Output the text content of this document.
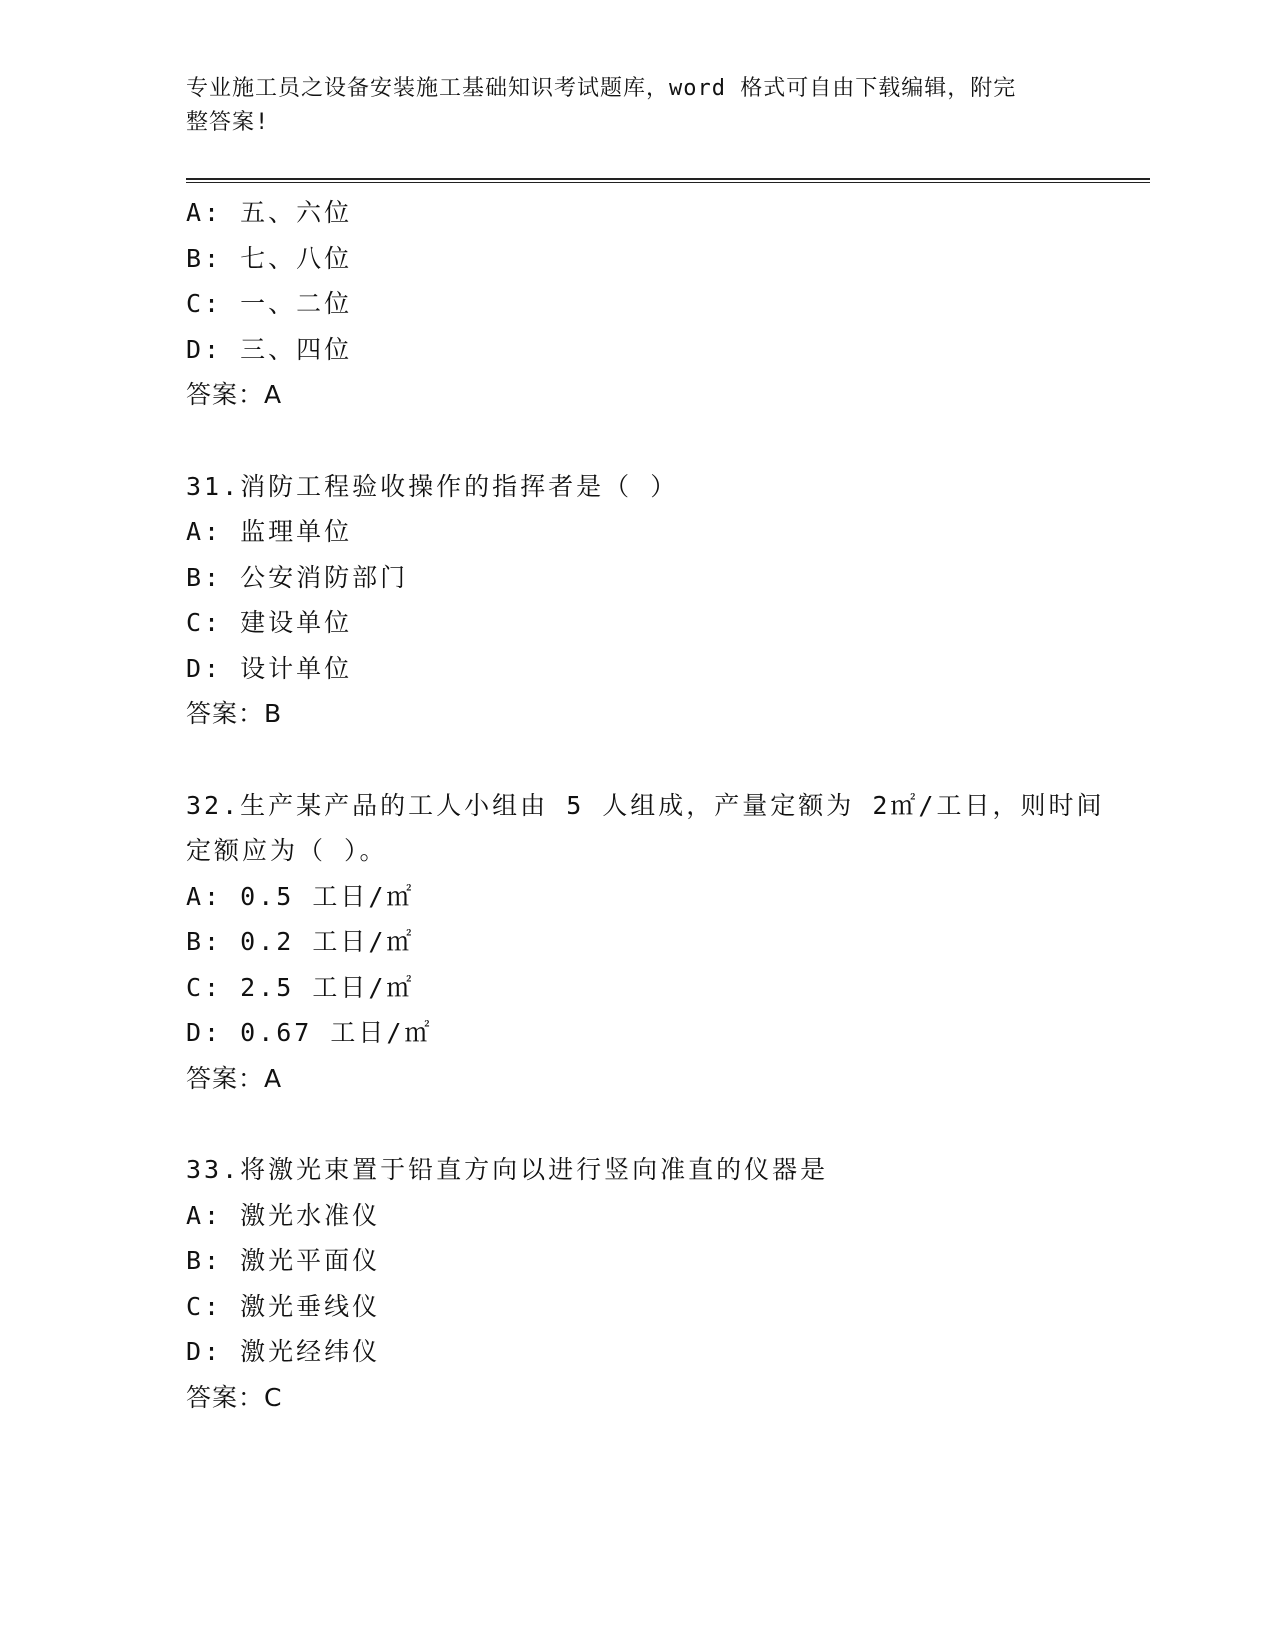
专业施工员之设备安装施工基础知识考试题库，word 格式可自由下载编辑，附完
整答案!
A: 五、六位
B: 七、八位
C: 一、二位
D: 三、四位
答案：A
31.消防工程验收操作的指挥者是（ ）
A: 监理单位
B: 公安消防部门
C: 建设单位
D: 设计单位
答案：B
32.生产某产品的工人小组由 5 人组成，产量定额为 2㎡/工日，则时间
定额应为（ ）。
A: 0.5 工日/㎡
B: 0.2 工日/㎡
C: 2.5 工日/㎡
D: 0.67 工日/㎡
答案：A
33.将激光束置于铅直方向以进行竖向准直的仪器是
A: 激光水准仪
B: 激光平面仪
C: 激光垂线仪
D: 激光经纬仪
答案：C
